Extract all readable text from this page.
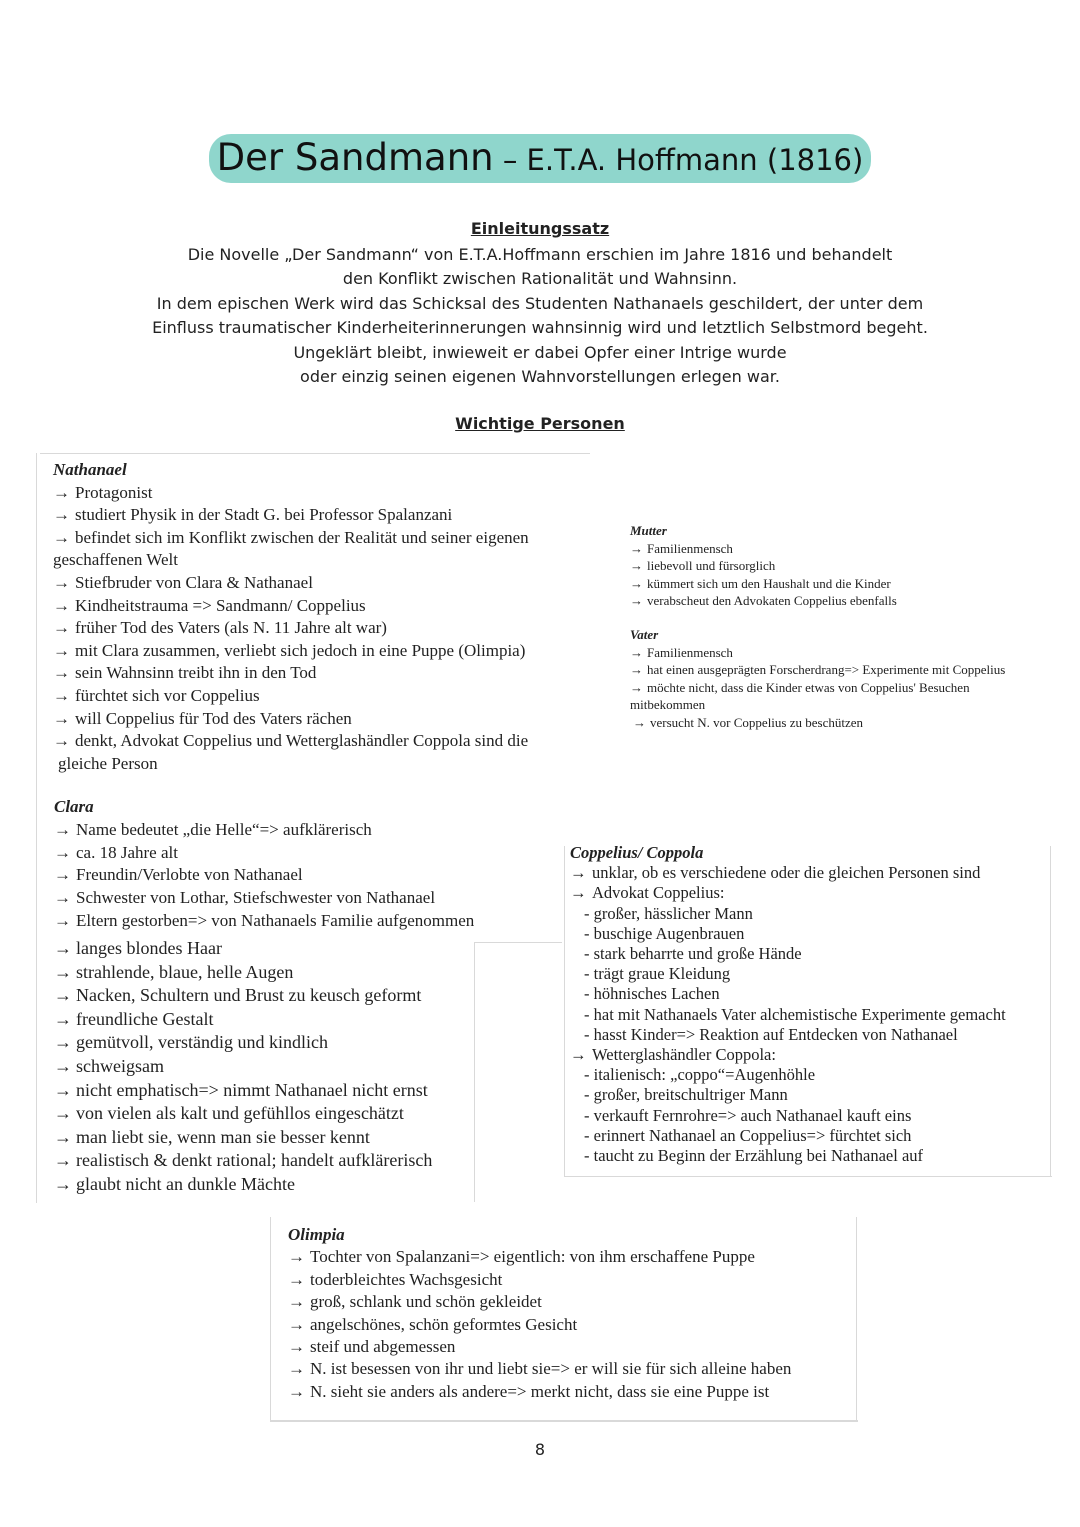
Der Sandmann – E.T.A. Hoffmann (1816)
Einleitungssatz
Die Novelle „Der Sandmann“ von E.T.A.Hoffmann erschien im Jahre 1816 und behandelt
den Konflikt zwischen Rationalität und Wahnsinn.
In dem epischen Werk wird das Schicksal des Studenten Nathanaels geschildert, der unter dem
Einfluss traumatischer Kinderheiterinnerungen wahnsinnig wird und letztlich Selbstmord begeht.
Ungeklärt bleibt, inwieweit er dabei Opfer einer Intrige wurde
oder einzig seinen eigenen Wahnvorstellungen erlegen war.
Wichtige Personen
Nathanael
→ Protagonist
→ studiert Physik in der Stadt G. bei Professor Spalanzani
→ befindet sich im Konflikt zwischen der Realität und seiner eigenen
geschaffenen Welt
→ Stiefbruder von Clara & Nathanael
→ Kindheitstrauma => Sandmann/ Coppelius
→ früher Tod des Vaters (als N. 11 Jahre alt war)
→ mit Clara zusammen, verliebt sich jedoch in eine Puppe (Olimpia)
→ sein Wahnsinn treibt ihn in den Tod
→ fürchtet sich vor Coppelius
→ will Coppelius für Tod des Vaters rächen
→ denkt, Advokat Coppelius und Wetterglashändler Coppola sind die
gleiche Person
Mutter
→ Familienmensch
→ liebevoll und fürsorglich
→ kümmert sich um den Haushalt und die Kinder
→ verabscheut den Advokaten Coppelius ebenfalls
Vater
→ Familienmensch
→ hat einen ausgeprägten Forscherdrang=> Experimente mit Coppelius
→ möchte nicht, dass die Kinder etwas von Coppelius' Besuchen
mitbekommen
→ versucht N. vor Coppelius zu beschützen
Clara
→ Name bedeutet „die Helle“=> aufklärerisch
→ ca. 18 Jahre alt
→ Freundin/Verlobte von Nathanael
→ Schwester von Lothar, Stiefschwester von Nathanael
→ Eltern gestorben=> von Nathanaels Familie aufgenommen
→ langes blondes Haar
→ strahlende, blaue, helle Augen
→ Nacken, Schultern und Brust zu keusch geformt
→ freundliche Gestalt
→ gemütvoll, verständig und kindlich
→ schweigsam
→ nicht emphatisch=> nimmt Nathanael nicht ernst
→ von vielen als kalt und gefühllos eingeschätzt
→ man liebt sie, wenn man sie besser kennt
→ realistisch & denkt rational; handelt aufklärerisch
→ glaubt nicht an dunkle Mächte
Coppelius/ Coppola
→ unklar, ob es verschiedene oder die gleichen Personen sind
→ Advokat Coppelius:
- großer, hässlicher Mann
- buschige Augenbrauen
- stark beharrte und große Hände
- trägt graue Kleidung
- höhnisches Lachen
- hat mit Nathanaels Vater alchemistische Experimente gemacht
- hasst Kinder=> Reaktion auf Entdecken von Nathanael
→ Wetterglashändler Coppola:
- italienisch: „coppo“=Augenhöhle
- großer, breitschultriger Mann
- verkauft Fernrohre=> auch Nathanael kauft eins
- erinnert Nathanael an Coppelius=> fürchtet sich
- taucht zu Beginn der Erzählung bei Nathanael auf
Olimpia
→ Tochter von Spalanzani=> eigentlich: von ihm erschaffene Puppe
→ toderbleichtes Wachsgesicht
→ groß, schlank und schön gekleidet
→ angelschönes, schön geformtes Gesicht
→ steif und abgemessen
→ N. ist besessen von ihr und liebt sie=> er will sie für sich alleine haben
→ N. sieht sie anders als andere=> merkt nicht, dass sie eine Puppe ist
8
